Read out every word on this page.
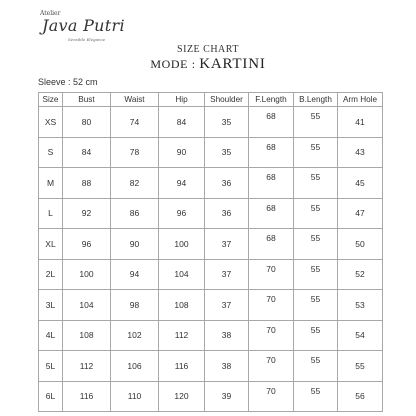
Atelier
Java Putri
Sensible Elegance
SIZE CHART
MODE : KARTINI
Sleeve : 52 cm
Size	Bust	Waist	Hip	Shoulder	F.Length	B.Length	Arm Hole
XS	80	74	84	35	68	55	41
S	84	78	90	35	68	55	43
M	88	82	94	36	68	55	45
L	92	86	96	36	68	55	47
XL	96	90	100	37	68	55	50
2L	100	94	104	37	70	55	52
3L	104	98	108	37	70	55	53
4L	108	102	112	38	70	55	54
5L	112	106	116	38	70	55	55
6L	116	110	120	39	70	55	56
